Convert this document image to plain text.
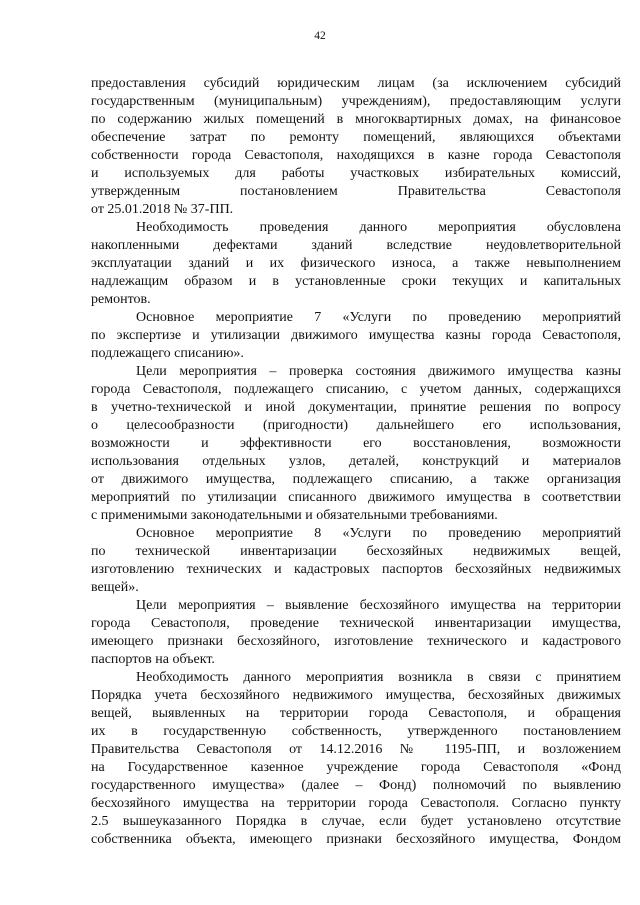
42

предоставления субсидий юридическим лицам (за исключением субсидий
государственным (муниципальным) учреждениям), предоставляющим услуги
по содержанию жилых помещений в многоквартирных домах, на финансовое
обеспечение затрат по ремонту помещений, являющихся объектами
собственности города Севастополя, находящихся в казне города Севастополя
и используемых для работы участковых избирательных комиссий,
утвержденным постановлением Правительства Севастополя
от 25.01.2018 № 37-ПП.

Необходимость проведения данного мероприятия обусловлена
накопленными дефектами зданий вследствие неудовлетворительной
эксплуатации зданий и их физического износа, а также невыполнением
надлежащим образом и в установленные сроки текущих и капитальных
ремонтов.

Основное мероприятие 7 «Услуги по проведению мероприятий
по экспертизе и утилизации движимого имущества казны города Севастополя,
подлежащего списанию».

Цели мероприятия – проверка состояния движимого имущества казны
города Севастополя, подлежащего списанию, с учетом данных, содержащихся
в учетно-технической и иной документации, принятие решения по вопросу
о целесообразности (пригодности) дальнейшего его использования,
возможности и эффективности его восстановления, возможности
использования отдельных узлов, деталей, конструкций и материалов
от движимого имущества, подлежащего списанию, а также организация
мероприятий по утилизации списанного движимого имущества в соответствии
с применимыми законодательными и обязательными требованиями.

Основное мероприятие 8 «Услуги по проведению мероприятий
по технической инвентаризации бесхозяйных недвижимых вещей,
изготовлению технических и кадастровых паспортов бесхозяйных недвижимых
вещей».

Цели мероприятия – выявление бесхозяйного имущества на территории
города Севастополя, проведение технической инвентаризации имущества,
имеющего признаки бесхозяйного, изготовление технического и кадастрового
паспортов на объект.

Необходимость данного мероприятия возникла в связи с принятием
Порядка учета бесхозяйного недвижимого имущества, бесхозяйных движимых
вещей, выявленных на территории города Севастополя, и обращения
их в государственную собственность, утвержденного постановлением
Правительства Севастополя от 14.12.2016 № 1195-ПП, и возложением
на Государственное казенное учреждение города Севастополя «Фонд
государственного имущества» (далее – Фонд) полномочий по выявлению
бесхозяйного имущества на территории города Севастополя. Согласно пункту
2.5 вышеуказанного Порядка в случае, если будет установлено отсутствие
собственника объекта, имеющего признаки бесхозяйного имущества, Фондом
